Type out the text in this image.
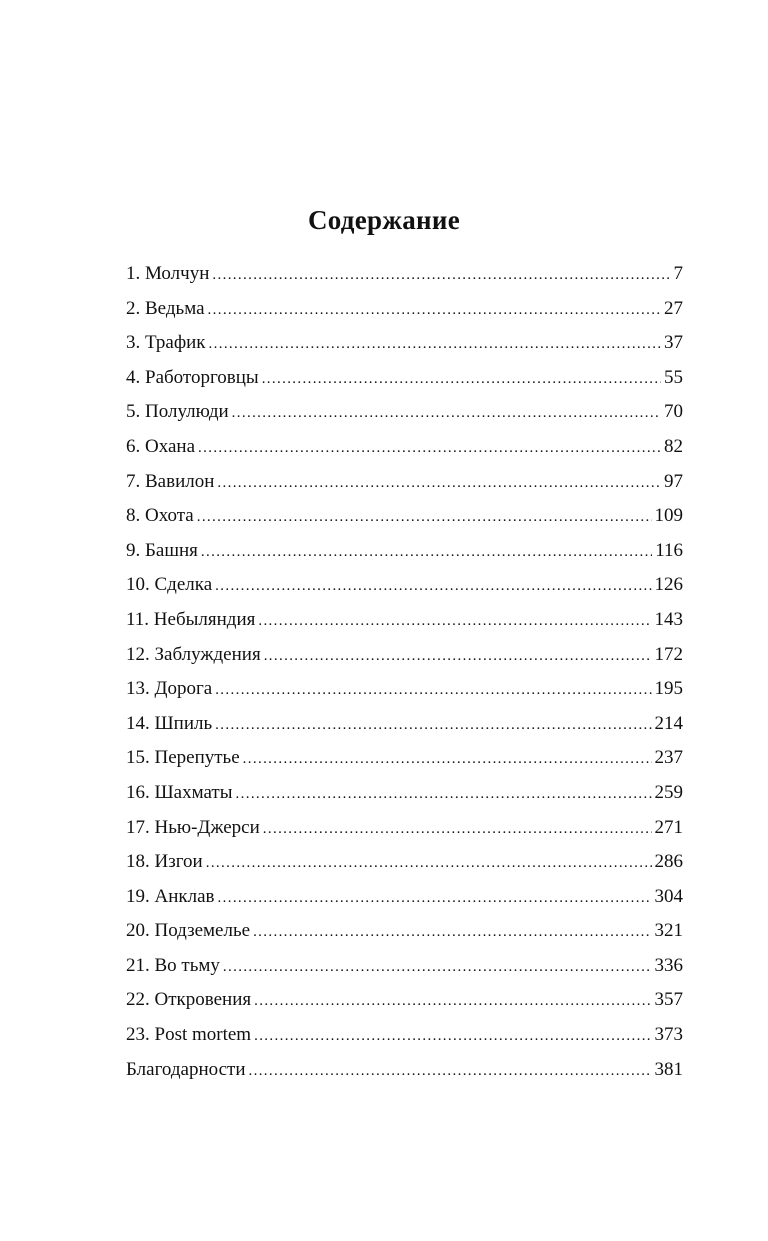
Содержание
1. Молчун . . .	7
2. Ведьма . . .	27
3. Трафик . . .	37
4. Работорговцы . . .	55
5. Полулюди . . .	70
6. Охана . . .	82
7. Вавилон . . .	97
8. Охота . . .	109
9. Башня . . .	116
10. Сделка . . .	126
11. Небыляндия . . .	143
12. Заблуждения . . .	172
13. Дорога . . .	195
14. Шпиль . . .	214
15. Перепутье . . .	237
16. Шахматы . . .	259
17. Нью-Джерси . . .	271
18. Изгои . . .	286
19. Анклав . . .	304
20. Подземелье . . .	321
21. Во тьму . . .	336
22. Откровения . . .	357
23. Post mortem . . .	373
Благодарности . . .	381
